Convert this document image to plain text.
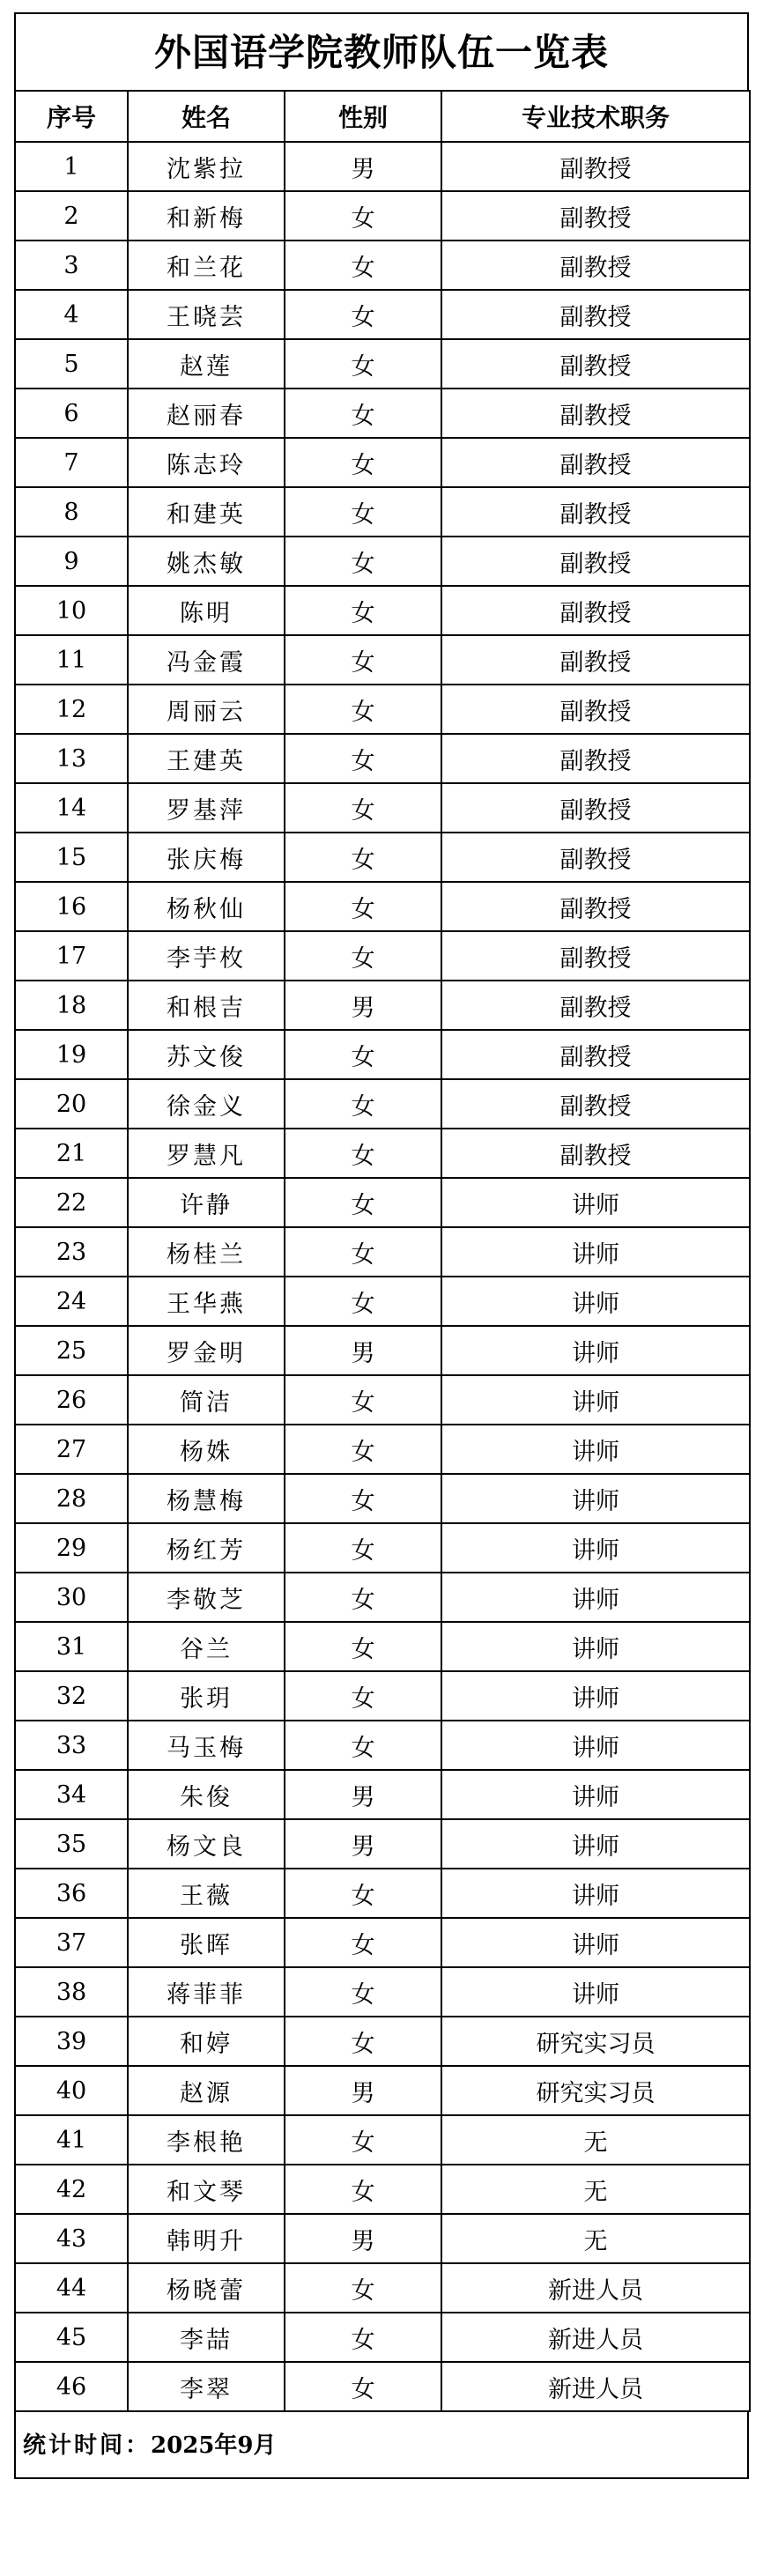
外国语学院教师队伍一览表
序号	姓名	性别	专业技术职务
1	沈紫拉	男	副教授
2	和新梅	女	副教授
3	和兰花	女	副教授
4	王晓芸	女	副教授
5	赵莲	女	副教授
6	赵丽春	女	副教授
7	陈志玲	女	副教授
8	和建英	女	副教授
9	姚杰敏	女	副教授
10	陈明	女	副教授
11	冯金霞	女	副教授
12	周丽云	女	副教授
13	王建英	女	副教授
14	罗基萍	女	副教授
15	张庆梅	女	副教授
16	杨秋仙	女	副教授
17	李芋枚	女	副教授
18	和根吉	男	副教授
19	苏文俊	女	副教授
20	徐金义	女	副教授
21	罗慧凡	女	副教授
22	许静	女	讲师
23	杨桂兰	女	讲师
24	王华燕	女	讲师
25	罗金明	男	讲师
26	简洁	女	讲师
27	杨姝	女	讲师
28	杨慧梅	女	讲师
29	杨红芳	女	讲师
30	李敬芝	女	讲师
31	谷兰	女	讲师
32	张玥	女	讲师
33	马玉梅	女	讲师
34	朱俊	男	讲师
35	杨文良	男	讲师
36	王薇	女	讲师
37	张晖	女	讲师
38	蒋菲菲	女	讲师
39	和婷	女	研究实习员
40	赵源	男	研究实习员
41	李根艳	女	无
42	和文琴	女	无
43	韩明升	男	无
44	杨晓蕾	女	新进人员
45	李喆	女	新进人员
46	李翠	女	新进人员
统计时间：2025年9月
